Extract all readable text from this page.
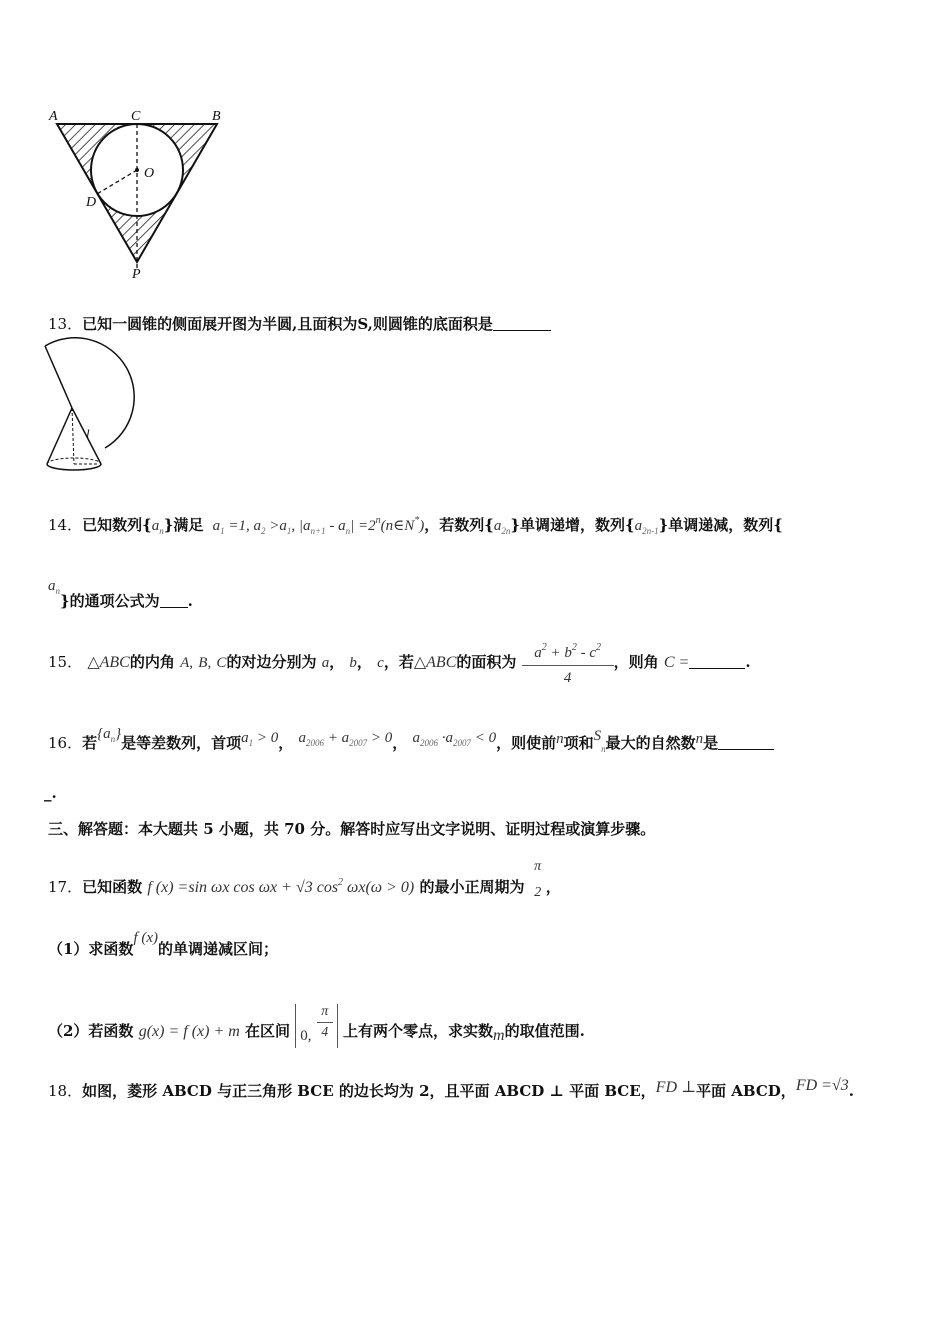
A	C	B
O
D
P
13．已知一圆锥的侧面展开图为半圆,且面积为S,则圆锥的底面积是
l
14．已知数列$\{a_n\}$满足 $a_1 =1$, $a_2 >a_1$, $|a_{n+1} - a_n|$ $=2^n(n\in N^*)$，若数列$\{a_{2n}\}$单调递增，数列$\{a_{2n-1}\}$单调递减，数列{
$a^n$}的通项公式为 .
15． △ABC的内角 A, B, C的对边分别为 a， b， c，若△ABC的面积为 $\frac{a^2 + b^2 - c^2}{4}$ ，则角 C =	.
16．若$\{a_n\}$是等差数列，首项$a_1 > 0$， $a_{2006} + a_{2007} > 0$， $a_{2006} \cdot a_{2007} < 0$，则使前n项和$S_n$最大的自然数n是
_.
三、解答题：本大题共 5 小题，共 70 分。解答时应写出文字说明、证明过程或演算步骤。
17．已知函数 f (x) =sin ωx cos ωx + √3 $\cos^2 \omega x(\omega > 0)$ 的最小正周期为
π
2 ，
（1）求函数f (x)的单调递减区间；
（2）若函数 g(x) = f (x) + m 在区间 0, $\frac{\pi}{4}$ 上有两个零点，求实数m的取值范围.
18．如图，菱形 ABCD 与正三角形 BCE 的边长均为 2，且平面 ABCD ⊥ 平面 BCE，FD ⊥平面 ABCD，FD =√3.
